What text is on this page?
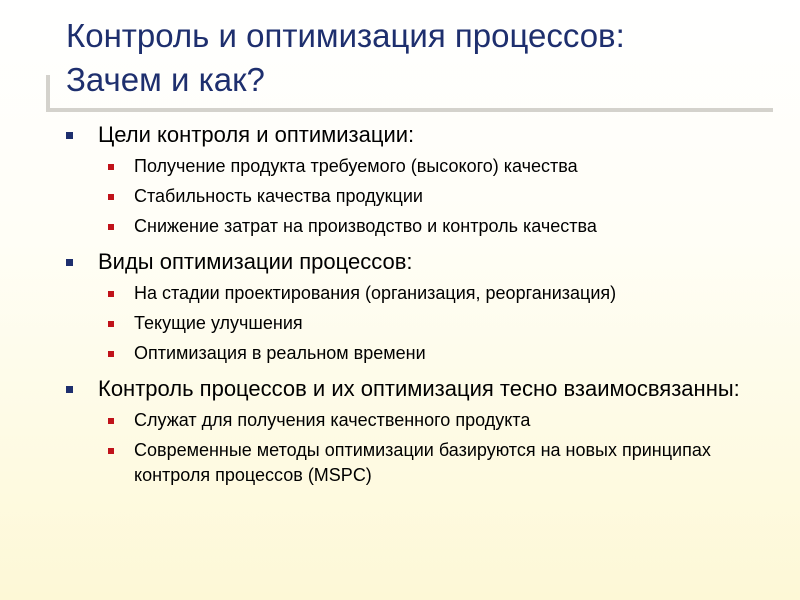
Контроль и оптимизация процессов:
Зачем и как?
Цели контроля и оптимизации:
Получение продукта требуемого (высокого) качества
Стабильность качества продукции
Снижение затрат на производство и контроль качества
Виды оптимизации процессов:
На стадии проектирования (организация, реорганизация)
Текущие улучшения
Оптимизация в реальном времени
Контроль процессов и их оптимизация тесно взаимосвязанны:
Служат для получения качественного продукта
Современные методы оптимизации базируются на новых принципах контроля процессов (MSPC)
